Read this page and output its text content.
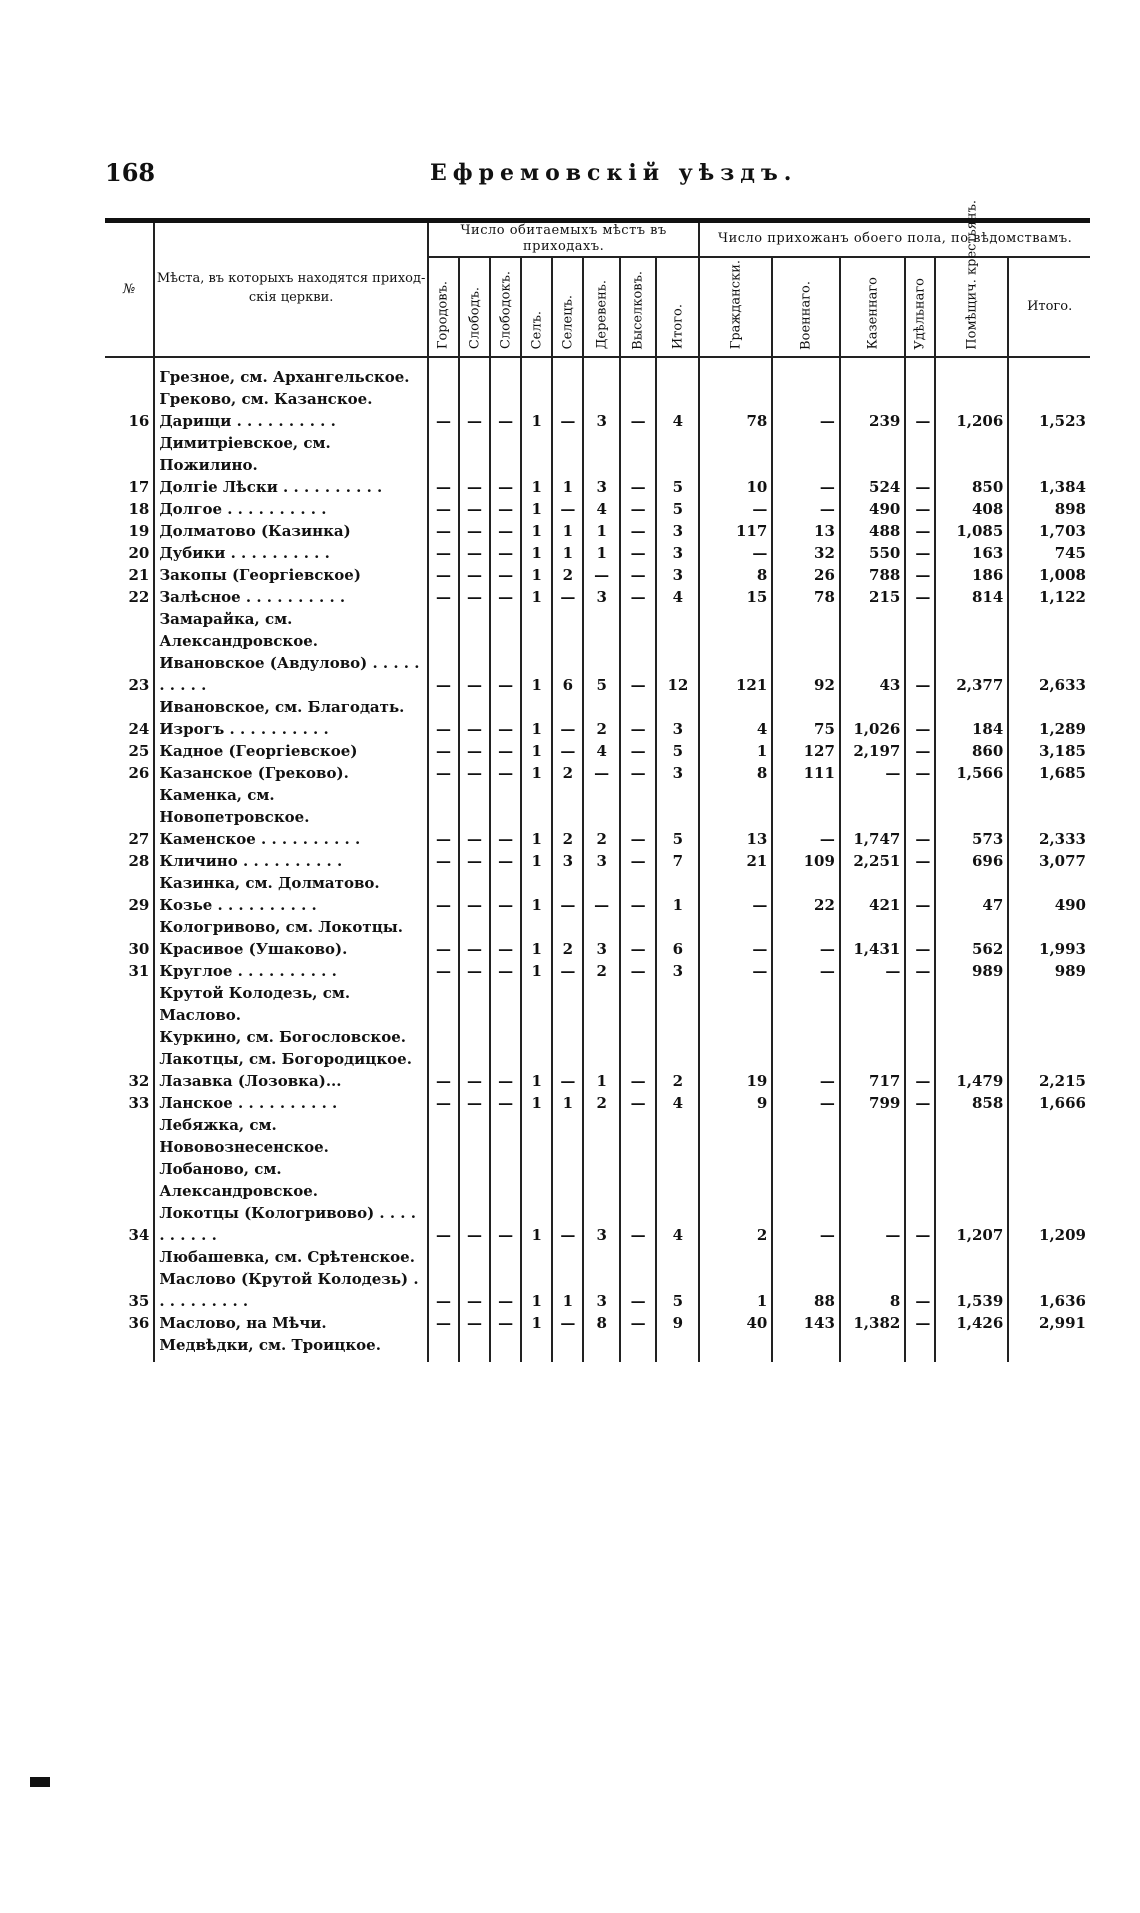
168	Ефремовскій уѣздъ.
№	Мѣста, въ которыхъ находятся приход-скія церкви.	Число обитаемыхъ мѣстъ въ приходахъ.								Число прихожанъ обоего пола, по вѣдомствамъ.					

		Городовъ.	Слободъ.	Слободокъ.	Селъ.	Селецъ.	Деревень.	Выселковъ.	Итого.	Граждански.	Военнаго.	Казеннаго	Удѣльнаго	Помѣщич. крестьянъ.	Итого.
	Грезное, см. Архангельское.														
	Греково, см. Казанское.														
16	Дарищи . . .	—	—	—	1	—	3	—	4	78	—	239	—	1,206	1,523
	Димитріевское, см. Пожилино.														
17	Долгіе Лѣски . . .	—	—	—	1	1	3	—	5	10	—	524	—	850	1,384
18	Долгое . . .	—	—	—	1	—	4	—	5	—	—	490	—	408	898
19	Долматово (Казинка)	—	—	—	1	1	1	—	3	117	13	488	—	1,085	1,703
20	Дубики . . .	—	—	—	1	1	1	—	3	—	32	550	—	163	745
21	Закопы (Георгіевское)	—	—	—	1	2	—	—	3	8	26	788	—	186	1,008
22	Залѣсное . . .	—	—	—	1	—	3	—	4	15	78	215	—	814	1,122
	Замарайка, см. Александровское.														
23	Ивановское (Авдулово) . . .	—	—	—	1	6	5	—	12	121	92	43	—	2,377	2,633
	Ивановское, см. Благодать.														
24	Изрогъ . . .	—	—	—	1	—	2	—	3	4	75	1,026	—	184	1,289
25	Кадное (Георгіевское)	—	—	—	1	—	4	—	5	1	127	2,197	—	860	3,185
26	Казанское (Греково).	—	—	—	1	2	—	—	3	8	111	—	—	1,566	1,685
	Каменка, см. Новопетровское.														
27	Каменское . . .	—	—	—	1	2	2	—	5	13	—	1,747	—	573	2,333
28	Кличино . . .	—	—	—	1	3	3	—	7	21	109	2,251	—	696	3,077
	Казинка, см. Долматово.														
29	Козье . . .	—	—	—	1	—	—	—	1	—	22	421	—	47	490
	Кологривово, см. Локотцы.														
30	Красивое (Ушаково).	—	—	—	1	2	3	—	6	—	—	1,431	—	562	1,993
31	Круглое . . .	—	—	—	1	—	2	—	3	—	—	—	—	989	989
	Крутой Колодезь, см. Маслово.														
	Куркино, см. Богословское.														
	Лакотцы, см. Богородицкое.														
32	Лазавка (Лозовка)...	—	—	—	1	—	1	—	2	19	—	717	—	1,479	2,215
33	Ланское . . .	—	—	—	1	1	2	—	4	9	—	799	—	858	1,666
	Лебяжка, см. Нововознесенское.														
	Лобаново, см. Александровское.														
34	Локотцы (Кологривово) . . .	—	—	—	1	—	3	—	4	2	—	—	—	1,207	1,209
	Любашевка, см. Срѣтенское.														
35	Маслово (Крутой Колодезь) . . .	—	—	—	1	1	3	—	5	1	88	8	—	1,539	1,636
36	Маслово, на Мѣчи.	—	—	—	1	—	8	—	9	40	143	1,382	—	1,426	2,991
	Медвѣдки, см. Троицкое.														
